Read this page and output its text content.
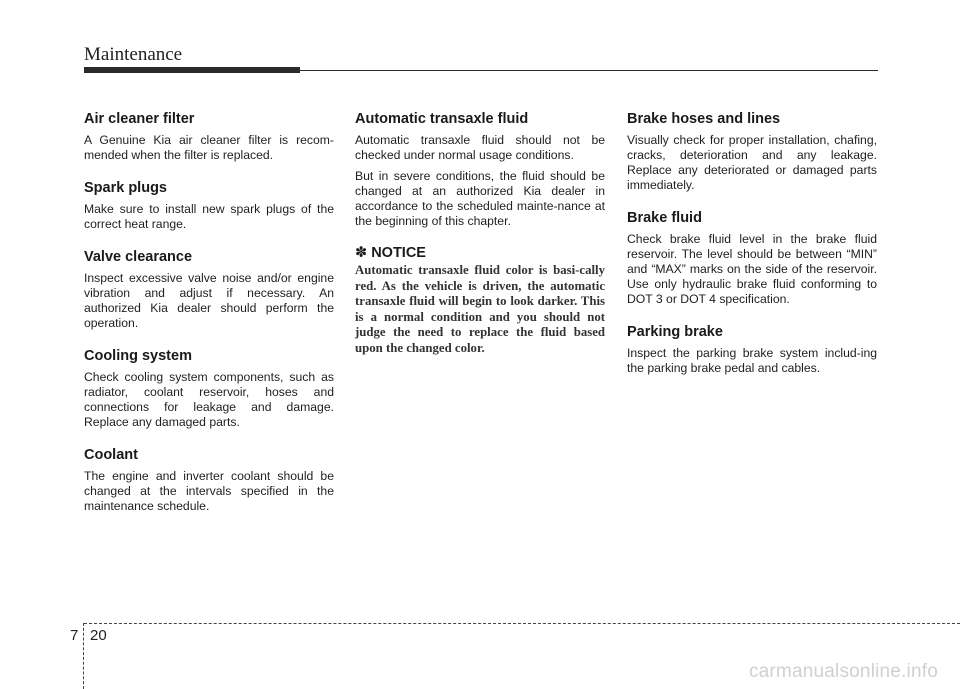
Maintenance
Air cleaner filter

A Genuine Kia air cleaner filter is recom-mended when the filter is replaced.

Spark plugs

Make sure to install new spark plugs of the correct heat range.

Valve clearance

Inspect excessive valve noise and/or engine vibration and adjust if necessary. An authorized Kia dealer should perform the operation.

Cooling system

Check cooling system components, such as radiator, coolant reservoir, hoses and connections for leakage and damage. Replace any damaged parts.

Coolant

The engine and inverter coolant should be changed at the intervals specified in the maintenance schedule.

Automatic transaxle fluid

Automatic transaxle fluid should not be checked under normal usage conditions.

But in severe conditions, the fluid should be changed at an authorized Kia dealer in accordance to the scheduled mainte-nance at the beginning of this chapter.

✽ NOTICE

Automatic transaxle fluid color is basi-cally red. As the vehicle is driven, the automatic transaxle fluid will begin to look darker. This is a normal condition and you should not judge the need to replace the fluid based upon the changed color.

Brake hoses and lines

Visually check for proper installation, chafing, cracks, deterioration and any leakage. Replace any deteriorated or damaged parts immediately.

Brake fluid

Check brake fluid level in the brake fluid reservoir. The level should be between “MIN” and “MAX” marks on the side of the reservoir. Use only hydraulic brake fluid conforming to DOT 3 or DOT 4 specification.

Parking brake

Inspect the parking brake system includ-ing the parking brake pedal and cables.

7 20
carmanualsonline.info
